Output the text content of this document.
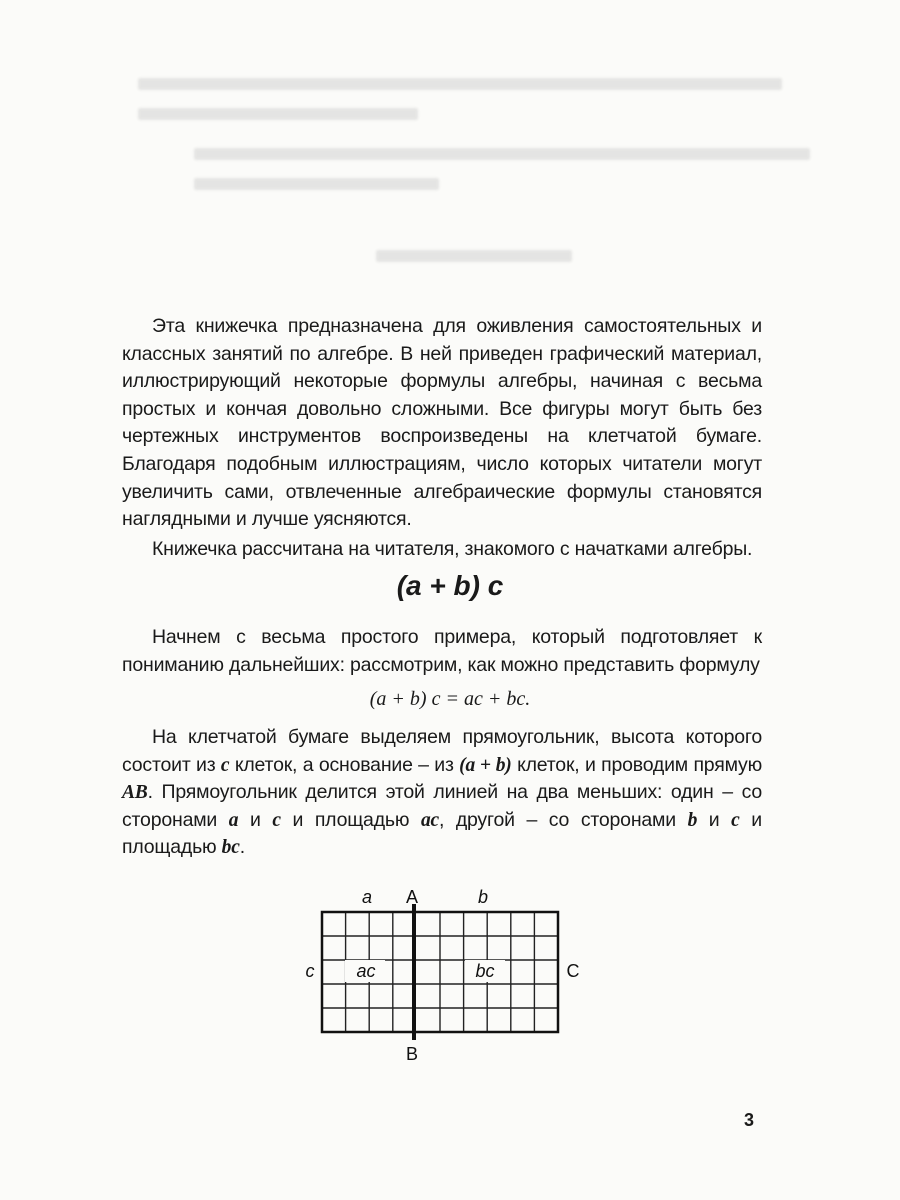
Эта книжечка предназначена для оживления самостоятельных и классных занятий по алгебре. В ней приведен графический материал, иллюстрирующий некоторые формулы алгебры, начиная с весьма простых и кончая довольно сложными. Все фигуры могут быть без чертежных инструментов воспроизведены на клетчатой бумаге. Благодаря подобным иллюстрациям, число которых читатели могут увеличить сами, отвлеченные алгебраические формулы становятся наглядными и лучше уясняются.

Книжечка рассчитана на читателя, знакомого с начатками алгебры.

(a + b) c

Начнем с весьма простого примера, который подготовляет к пониманию дальнейших: рассмотрим, как можно представить формулу

(a + b) c = ac + bc.

На клетчатой бумаге выделяем прямоугольник, высота которого состоит из c клеток, а основание – из (a + b) клеток, и проводим прямую AB. Прямоугольник делится этой линией на два меньших: один – со сторонами a и c и площадью ac, другой – со сторонами b и c и площадью bc.

a A	b
c	C
ac	bc
B
3
